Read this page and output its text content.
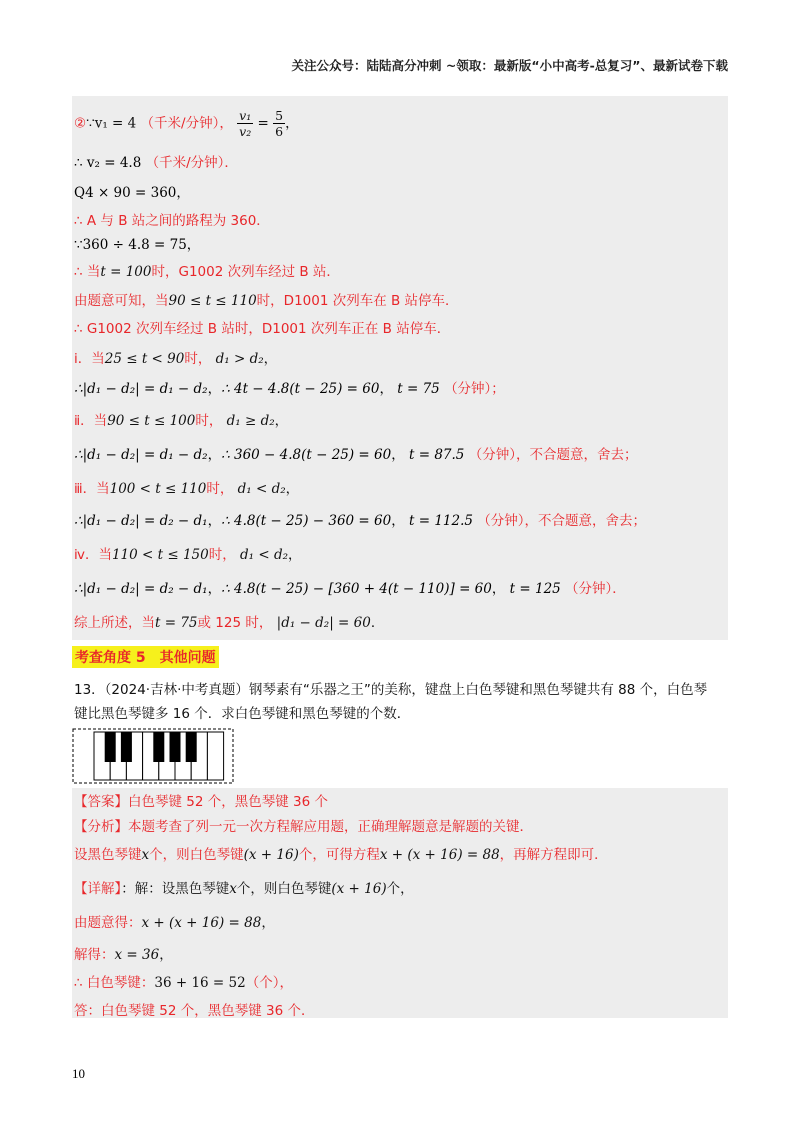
关注公众号：陆陆高分冲刺 ~领取：最新版“小中高考-总复习”、最新试卷下载
②∵v₁ = 4 （千米/分钟）， $\frac{\text{v₁}}{\text{v₂}} = \frac{5}{6}$ ，
∴ v₂ = 4.8 （千米/分钟）．
Q4 × 90 = 360，
∴ A 与 B 站之间的路程为 360．
∵360 ÷ 4.8 = 75，
∴ 当t = 100时，G1002 次列车经过 B 站．
由题意可知，当90 ≤ t ≤ 110时，D1001 次列车在 B 站停车．
∴ G1002 次列车经过 B 站时，D1001 次列车正在 B 站停车．
ⅰ．当25 ≤ t < 90时， d₁ > d₂，
∴|d₁ − d₂| = d₁ − d₂，∴ 4t − 4.8(t − 25) = 60， t = 75 （分钟）；
ⅱ．当90 ≤ t ≤ 100时， d₁ ≥ d₂，
∴|d₁ − d₂| = d₁ − d₂，∴ 360 − 4.8(t − 25) = 60， t = 87.5 （分钟），不合题意，舍去；
ⅲ．当100 < t ≤ 110时， d₁ < d₂，
∴|d₁ − d₂| = d₂ − d₁，∴ 4.8(t − 25) − 360 = 60， t = 112.5 （分钟），不合题意，舍去；
ⅳ．当110 < t ≤ 150时， d₁ < d₂，
∴|d₁ − d₂| = d₂ − d₁，∴ 4.8(t − 25) − [360 + 4(t − 110)] = 60， t = 125 （分钟）．
综上所述，当t = 75或 125 时， |d₁ − d₂| = 60．
考查角度 5　其他问题
13．（2024·吉林·中考真题）钢琴素有“乐器之王”的美称，键盘上白色琴键和黑色琴键共有 88 个，白色琴
键比黑色琴键多 16 个．求白色琴键和黑色琴键的个数．
【答案】白色琴键 52 个，黑色琴键 36 个
【分析】本题考查了列一元一次方程解应用题，正确理解题意是解题的关键．
设黑色琴键x个，则白色琴键(x + 16)个，可得方程x + (x + 16) = 88，再解方程即可．
【详解】：解：设黑色琴键x个，则白色琴键(x + 16)个，
由题意得：x + (x + 16) = 88，
解得：x = 36，
∴ 白色琴键：36 + 16 = 52（个），
答：白色琴键 52 个，黑色琴键 36 个．
10
